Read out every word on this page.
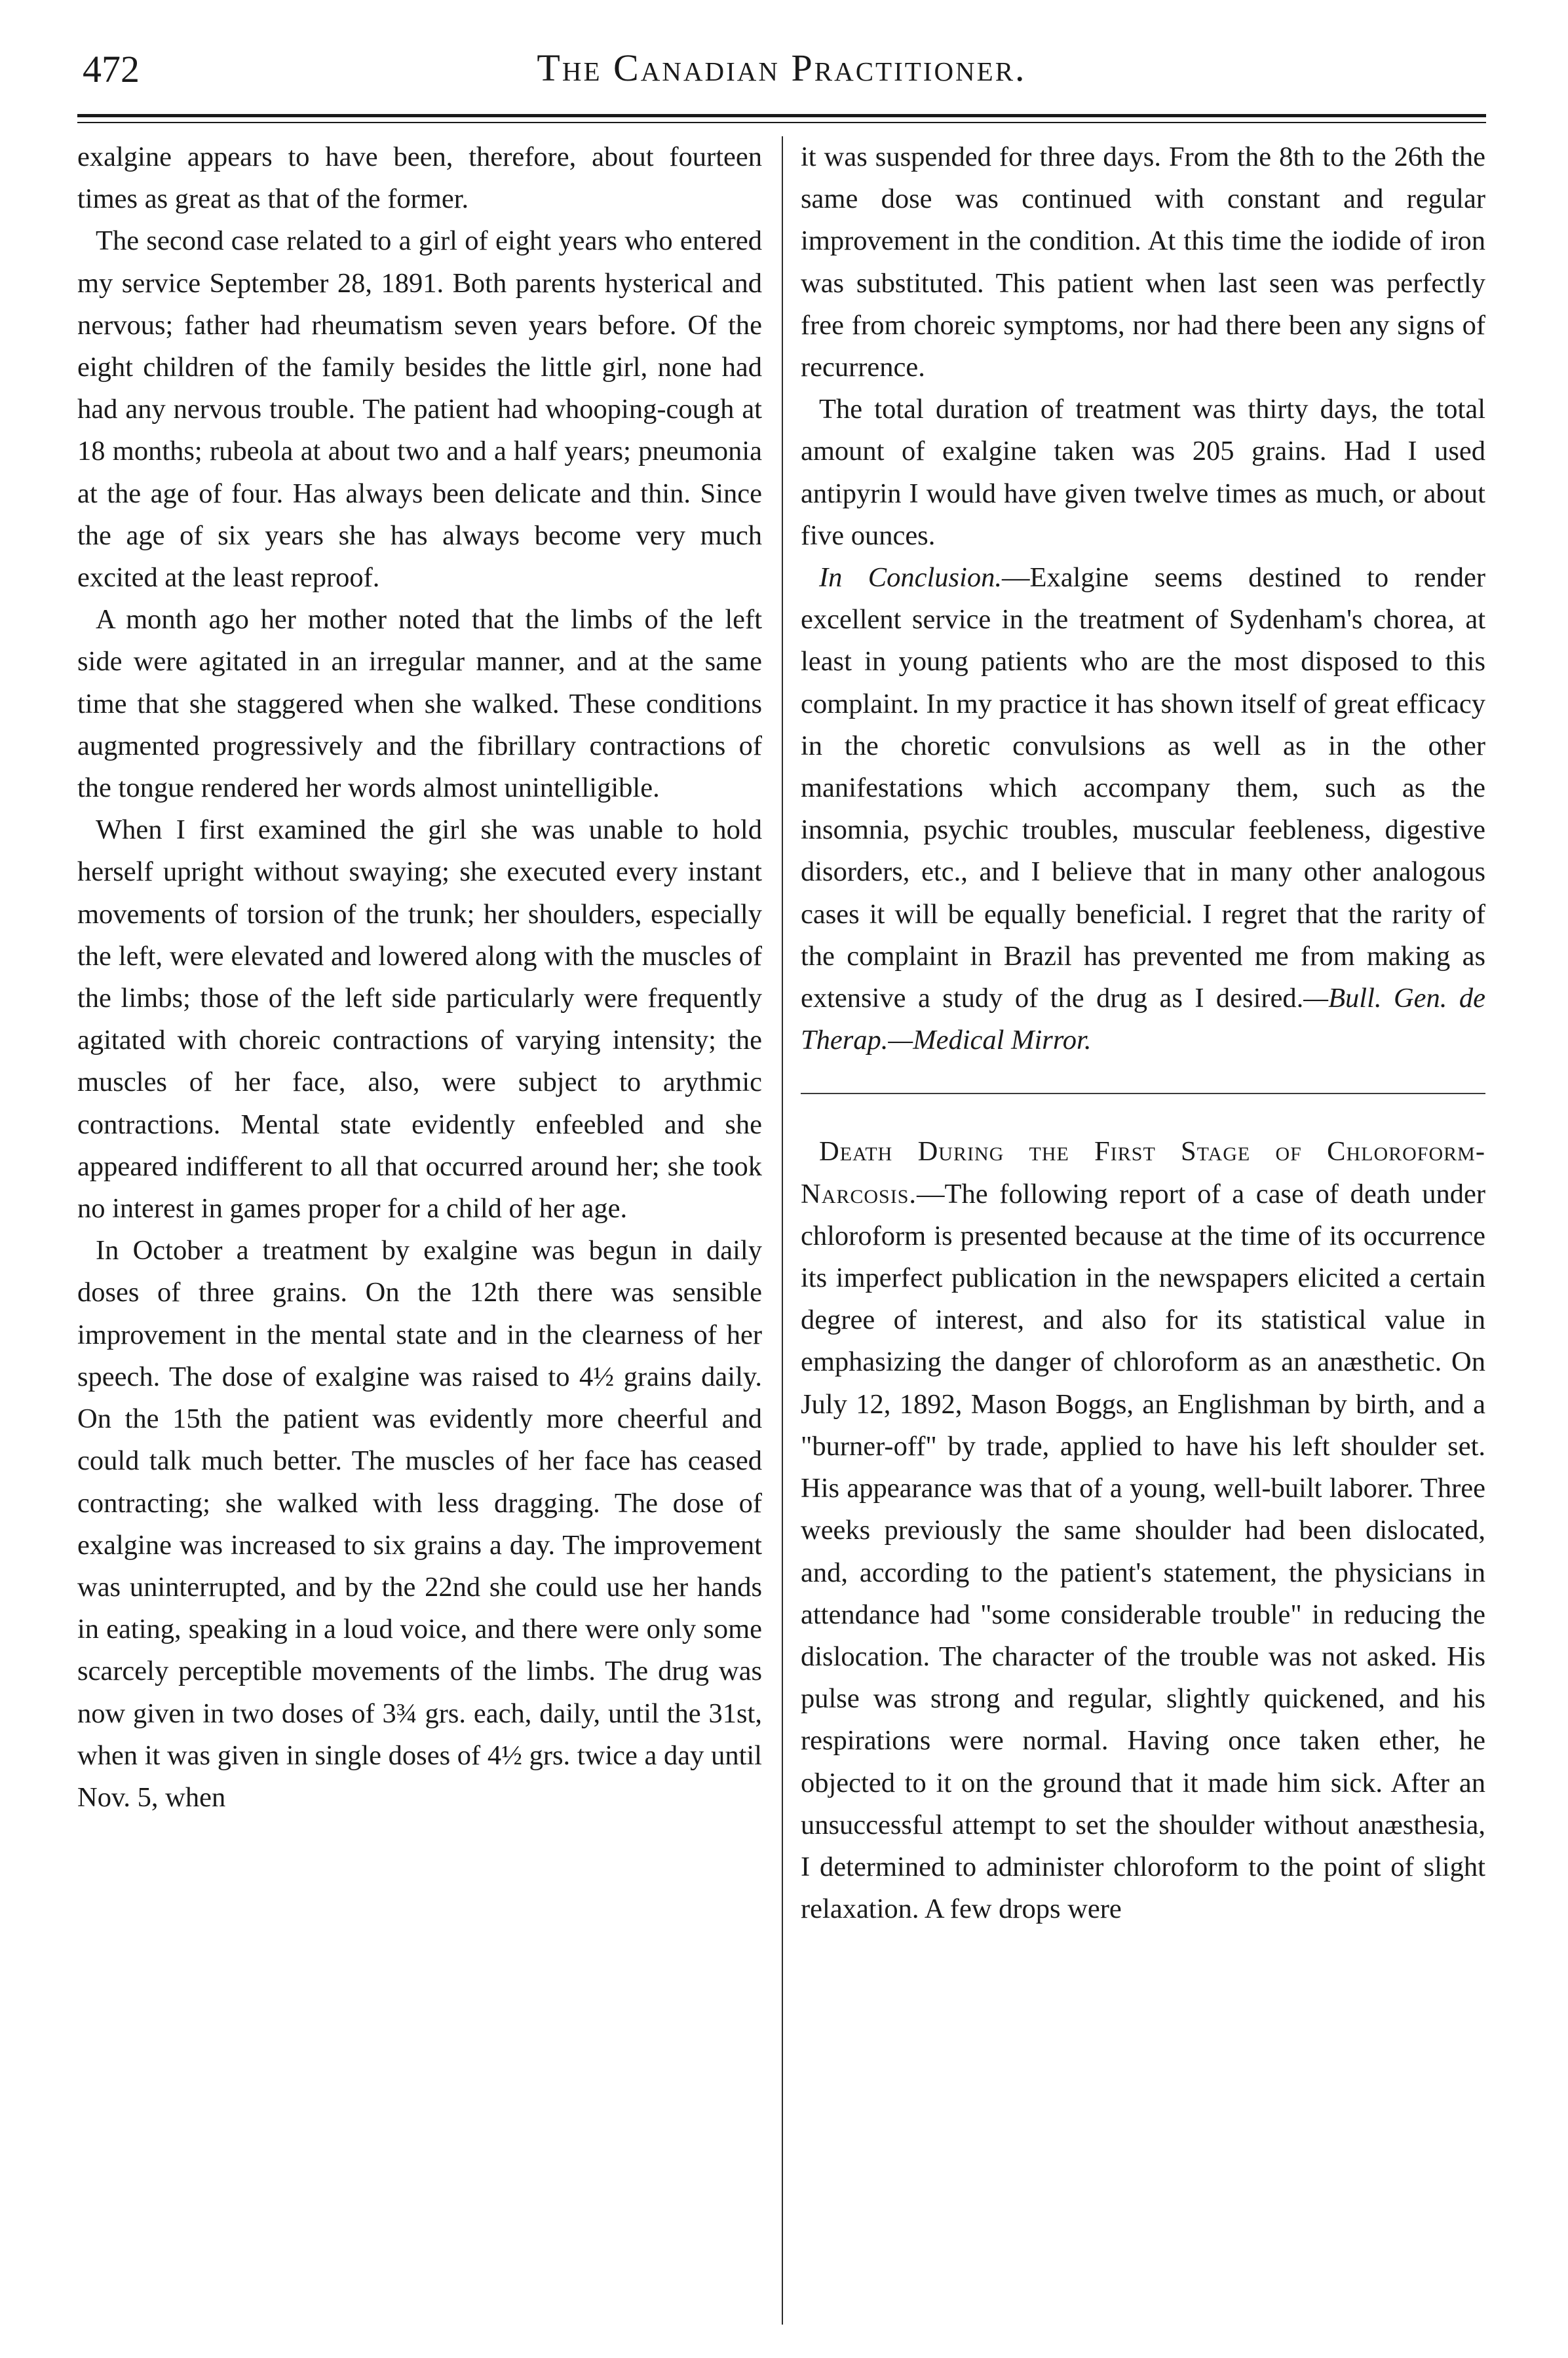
472	The Canadian Practitioner.

exalgine appears to have been, therefore, about fourteen times as great as that of the former.

The second case related to a girl of eight years who entered my service September 28, 1891. Both parents hysterical and nervous; father had rheumatism seven years before. Of the eight children of the family besides the little girl, none had had any nervous trouble. The patient had whooping-cough at 18 months; rubeola at about two and a half years; pneumonia at the age of four. Has always been delicate and thin. Since the age of six years she has always become very much excited at the least reproof.

A month ago her mother noted that the limbs of the left side were agitated in an irregular manner, and at the same time that she staggered when she walked. These conditions augmented progressively and the fibrillary contractions of the tongue rendered her words almost unintelligible.

When I first examined the girl she was unable to hold herself upright without swaying; she executed every instant movements of torsion of the trunk; her shoulders, especially the left, were elevated and lowered along with the muscles of the limbs; those of the left side particularly were frequently agitated with choreic contractions of varying intensity; the muscles of her face, also, were subject to arythmic contractions. Mental state evidently enfeebled and she appeared indifferent to all that occurred around her; she took no interest in games proper for a child of her age.

In October a treatment by exalgine was begun in daily doses of three grains. On the 12th there was sensible improvement in the mental state and in the clearness of her speech. The dose of exalgine was raised to 4½ grains daily. On the 15th the patient was evidently more cheerful and could talk much better. The muscles of her face has ceased contracting; she walked with less dragging. The dose of exalgine was increased to six grains a day. The improvement was uninterrupted, and by the 22nd she could use her hands in eating, speaking in a loud voice, and there were only some scarcely perceptible movements of the limbs. The drug was now given in two doses of 3¾ grs. each, daily, until the 31st, when it was given in single doses of 4½ grs. twice a day until Nov. 5, when

it was suspended for three days. From the 8th to the 26th the same dose was continued with constant and regular improvement in the condition. At this time the iodide of iron was substituted. This patient when last seen was perfectly free from choreic symptoms, nor had there been any signs of recurrence.

The total duration of treatment was thirty days, the total amount of exalgine taken was 205 grains. Had I used antipyrin I would have given twelve times as much, or about five ounces.

In Conclusion.—Exalgine seems destined to render excellent service in the treatment of Sydenham's chorea, at least in young patients who are the most disposed to this complaint. In my practice it has shown itself of great efficacy in the choretic convulsions as well as in the other manifestations which accompany them, such as the insomnia, psychic troubles, muscular feebleness, digestive disorders, etc., and I believe that in many other analogous cases it will be equally beneficial. I regret that the rarity of the complaint in Brazil has prevented me from making as extensive a study of the drug as I desired.—Bull. Gen. de Therap.—Medical Mirror.

Death During the First Stage of Chloroform-Narcosis.—The following report of a case of death under chloroform is presented because at the time of its occurrence its imperfect publication in the newspapers elicited a certain degree of interest, and also for its statistical value in emphasizing the danger of chloroform as an anæsthetic. On July 12, 1892, Mason Boggs, an Englishman by birth, and a "burner-off" by trade, applied to have his left shoulder set. His appearance was that of a young, well-built laborer. Three weeks previously the same shoulder had been dislocated, and, according to the patient's statement, the physicians in attendance had "some considerable trouble" in reducing the dislocation. The character of the trouble was not asked. His pulse was strong and regular, slightly quickened, and his respirations were normal. Having once taken ether, he objected to it on the ground that it made him sick. After an unsuccessful attempt to set the shoulder without anæsthesia, I determined to administer chloroform to the point of slight relaxation. A few drops were
